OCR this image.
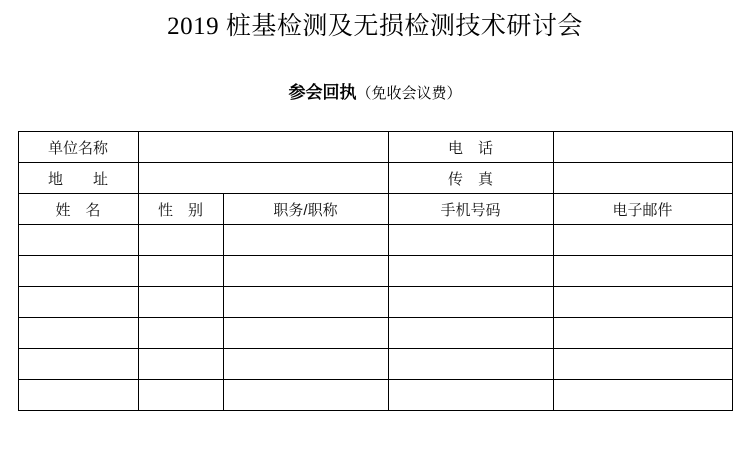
2019 桩基检测及无损检测技术研讨会
参会回执（免收会议费）
单位名称			电　话	
地　　址			传　真	
姓　名	性　别	职务/职称	手机号码	电子邮件
